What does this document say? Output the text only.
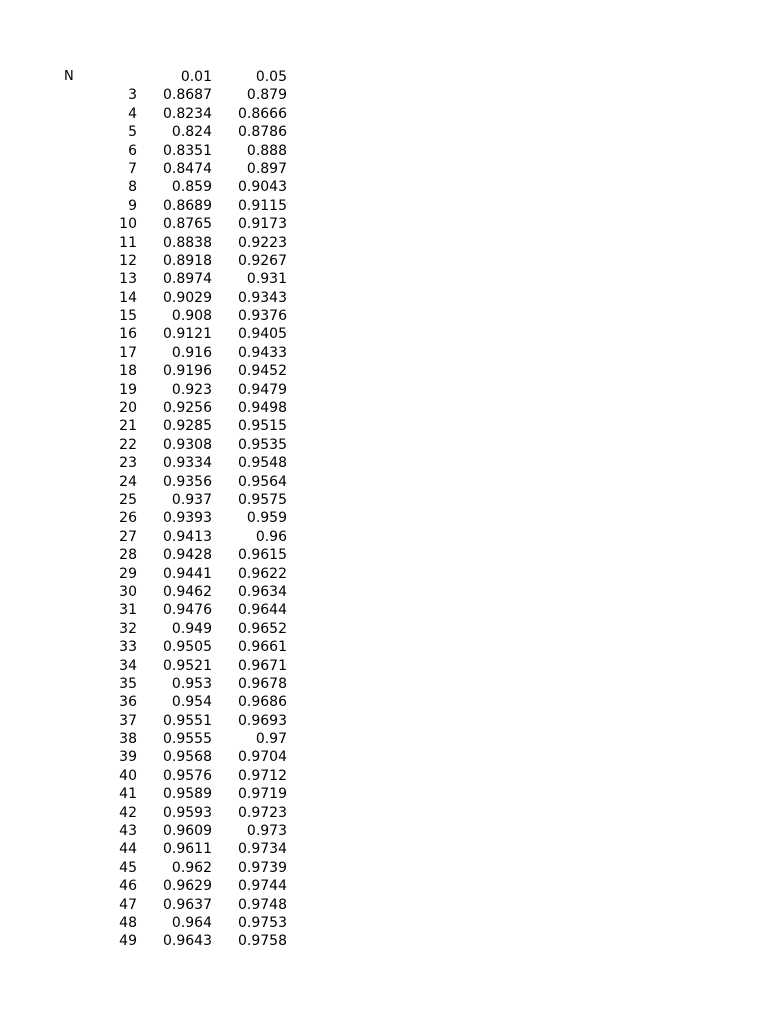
N	0.01	0.05
3 0.8687 0.879
4 0.8234 0.8666
5 0.824 0.8786
6 0.8351 0.888
7 0.8474 0.897
8 0.859 0.9043
9 0.8689 0.9115
10 0.8765 0.9173
11 0.8838 0.9223
12 0.8918 0.9267
13 0.8974 0.931
14 0.9029 0.9343
15 0.908 0.9376
16 0.9121 0.9405
17 0.916 0.9433
18 0.9196 0.9452
19 0.923 0.9479
20 0.9256 0.9498
21 0.9285 0.9515
22 0.9308 0.9535
23 0.9334 0.9548
24 0.9356 0.9564
25 0.937 0.9575
26 0.9393 0.959
27 0.9413	0.96
28 0.9428 0.9615
29 0.9441 0.9622
30 0.9462 0.9634
31 0.9476 0.9644
32 0.949 0.9652
33 0.9505 0.9661
34 0.9521 0.9671
35 0.953 0.9678
36 0.954 0.9686
37 0.9551 0.9693
38 0.9555	0.97
39 0.9568 0.9704
40 0.9576 0.9712
41 0.9589 0.9719
42 0.9593 0.9723
43 0.9609 0.973
44 0.9611 0.9734
45 0.962 0.9739
46 0.9629 0.9744
47 0.9637 0.9748
48 0.964 0.9753
49 0.9643 0.9758
